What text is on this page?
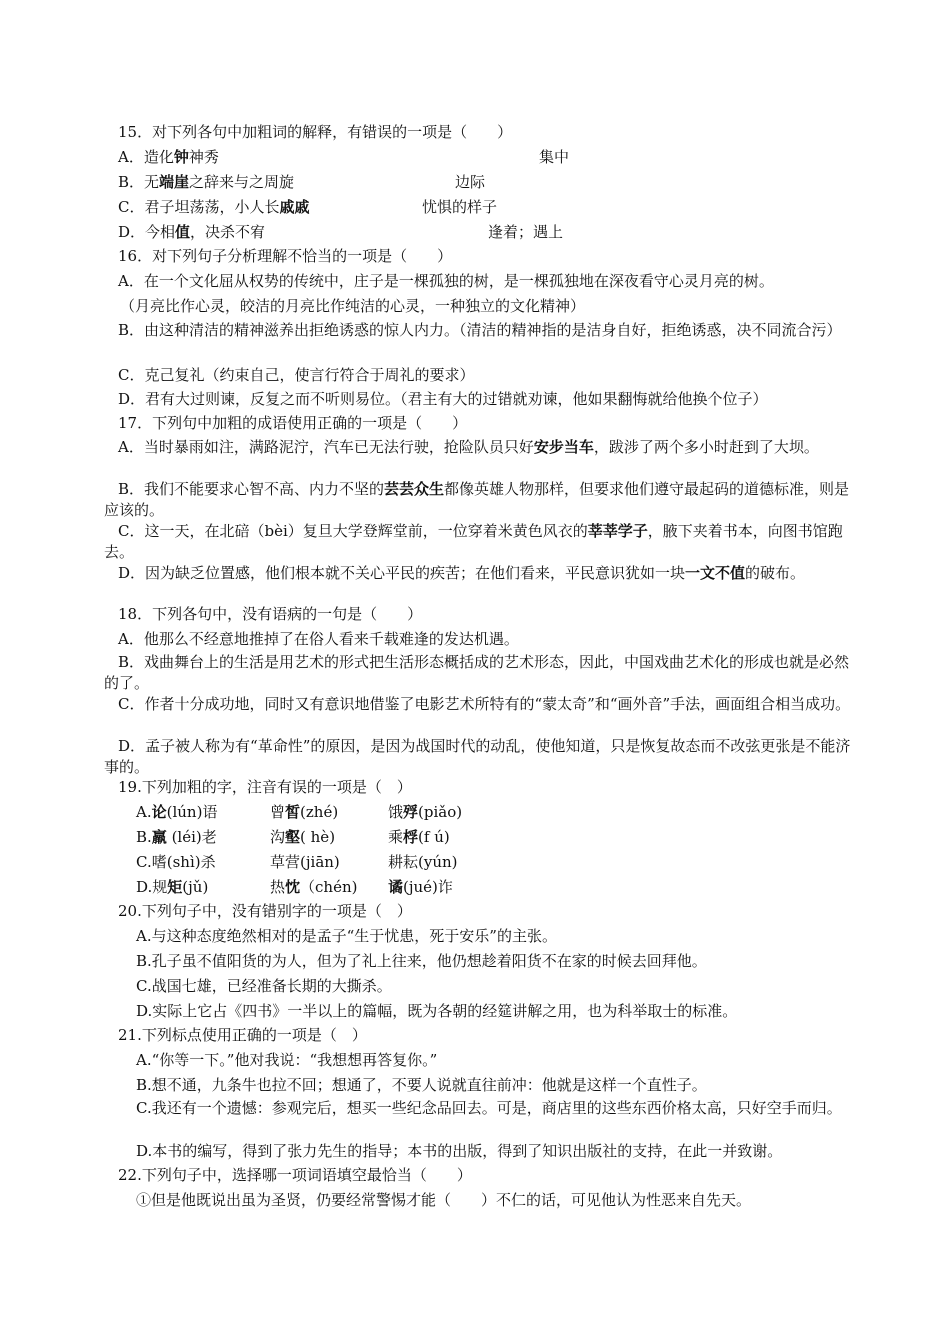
15．对下列各句中加粗词的解释，有错误的一项是（　　）
A．造化钟神秀	集中
B．无端崖之辞来与之周旋	边际
C．君子坦荡荡，小人长戚戚	忧惧的样子
D．今相值，决杀不宥	逢着；遇上
16．对下列句子分析理解不恰当的一项是（　　）
A．在一个文化屈从权势的传统中，庄子是一棵孤独的树，是一棵孤独地在深夜看守心灵月亮的树。
（月亮比作心灵，皎洁的月亮比作纯洁的心灵，一种独立的文化精神）
B．由这种清洁的精神滋养出拒绝诱惑的惊人内力。（清洁的精神指的是洁身自好，拒绝诱惑，决不同流合污）
C．克己复礼（约束自己，使言行符合于周礼的要求）
D．君有大过则谏，反复之而不听则易位。（君主有大的过错就劝谏，他如果翻悔就给他换个位子）
17．下列句中加粗的成语使用正确的一项是（　　）
A．当时暴雨如注，满路泥泞，汽车已无法行驶，抢险队员只好安步当车，跋涉了两个多小时赶到了大坝。
B．我们不能要求心智不高、内力不坚的芸芸众生都像英雄人物那样，但要求他们遵守最起码的道德标准，则是应该的。
C．这一天，在北碚（bèi）复旦大学登辉堂前，一位穿着米黄色风衣的莘莘学子，腋下夹着书本，向图书馆跑去。
D．因为缺乏位置感，他们根本就不关心平民的疾苦；在他们看来，平民意识犹如一块一文不值的破布。
18．下列各句中，没有语病的一句是（　　）
A．他那么不经意地推掉了在俗人看来千载难逢的发达机遇。
B．戏曲舞台上的生活是用艺术的形式把生活形态概括成的艺术形态，因此，中国戏曲艺术化的形成也就是必然的了。
C．作者十分成功地，同时又有意识地借鉴了电影艺术所特有的“蒙太奇”和“画外音”手法，画面组合相当成功。
D．孟子被人称为有“革命性”的原因，是因为战国时代的动乱，使他知道，只是恢复故态而不改弦更张是不能济事的。
19.下列加粗的字，注音有误的一项是（　）
A.论(lún)语	曾皙(zhé)	饿殍(piǎo)
B.羸 (léi)老	沟壑( hè)	乘桴(f ú)
C.嗜(shì)杀	草营(jiān)	耕耘(yún)
D.规矩(jǔ)	热忱（chén) 谲(jué)诈
20.下列句子中，没有错别字的一项是（　）
A.与这种态度绝然相对的是孟子“生于忧患，死于安乐”的主张。
B.孔子虽不值阳货的为人，但为了礼上往来，他仍想趁着阳货不在家的时候去回拜他。
C.战国七雄，已经准备长期的大撕杀。
D.实际上它占《四书》一半以上的篇幅，既为各朝的经筵讲解之用，也为科举取士的标准。
21.下列标点使用正确的一项是（　）
A.“你等一下。”他对我说：“我想想再答复你。”
B.想不通，九条牛也拉不回；想通了，不要人说就直往前冲：他就是这样一个直性子。
C.我还有一个遗憾：参观完后，想买一些纪念品回去。可是，商店里的这些东西价格太高，只好空手而归。
D.本书的编写，得到了张力先生的指导；本书的出版，得到了知识出版社的支持，在此一并致谢。
22.下列句子中，选择哪一项词语填空最恰当（　　）
①但是他既说出虽为圣贤，仍要经常警惕才能（　　）不仁的话，可见他认为性恶来自先天。
